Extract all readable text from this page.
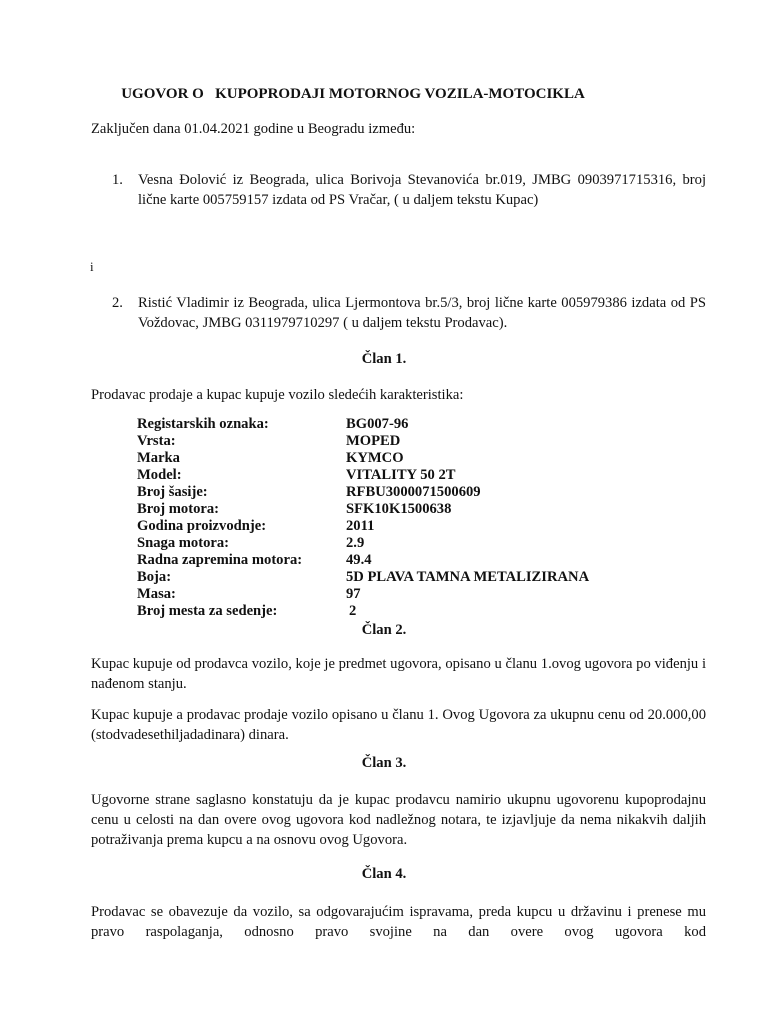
UGOVOR O   KUPOPRODAJI MOTORNOG VOZILA-MOTOCIKLA
Zaključen dana 01.04.2021 godine u Beogradu između:
1.	Vesna Đolović iz Beograda, ulica Borivoja Stevanovića br.019, JMBG 0903971715316, broj lične karte 005759157 izdata od PS Vračar, ( u daljem tekstu Kupac)
i
2.	Ristić Vladimir iz Beograda, ulica Ljermontova br.5/3, broj lične karte 005979386 izdata od PS Voždovac, JMBG 0311979710297 ( u daljem tekstu Prodavac).
Član 1.
Prodavac prodaje a kupac kupuje vozilo sledećih karakteristika:
Registarskih oznaka:	BG007-96
Vrsta:	MOPED
Marka	KYMCO
Model:	VITALITY 50 2T
Broj šasije:	RFBU3000071500609
Broj motora:	SFK10K1500638
Godina proizvodnje:	2011
Snaga motora:	2.9
Radna zapremina motora:	49.4
Boja:	5D PLAVA TAMNA METALIZIRANA
Masa:	97
Broj mesta za sedenje:	2
Član 2.
Kupac kupuje od prodavca vozilo, koje je predmet ugovora, opisano u članu 1.ovog ugovora po viđenju i nađenom stanju.
Kupac kupuje a prodavac prodaje vozilo opisano u članu 1. Ovog Ugovora za ukupnu cenu od 20.000,00 (stodvadesethiljadadinara) dinara.
Član 3.
Ugovorne strane saglasno konstatuju da je kupac prodavcu namirio ukupnu ugovorenu kupoprodajnu cenu u celosti na dan overe ovog ugovora kod nadležnog notara, te izjavljuje da nema nikakvih daljih potraživanja prema kupcu a na osnovu ovog Ugovora.
Član 4.
Prodavac se obavezuje da vozilo, sa odgovarajućim ispravama, preda kupcu u državinu i prenese mu pravo raspolaganja, odnosno pravo svojine na dan overe ovog ugovora kod
